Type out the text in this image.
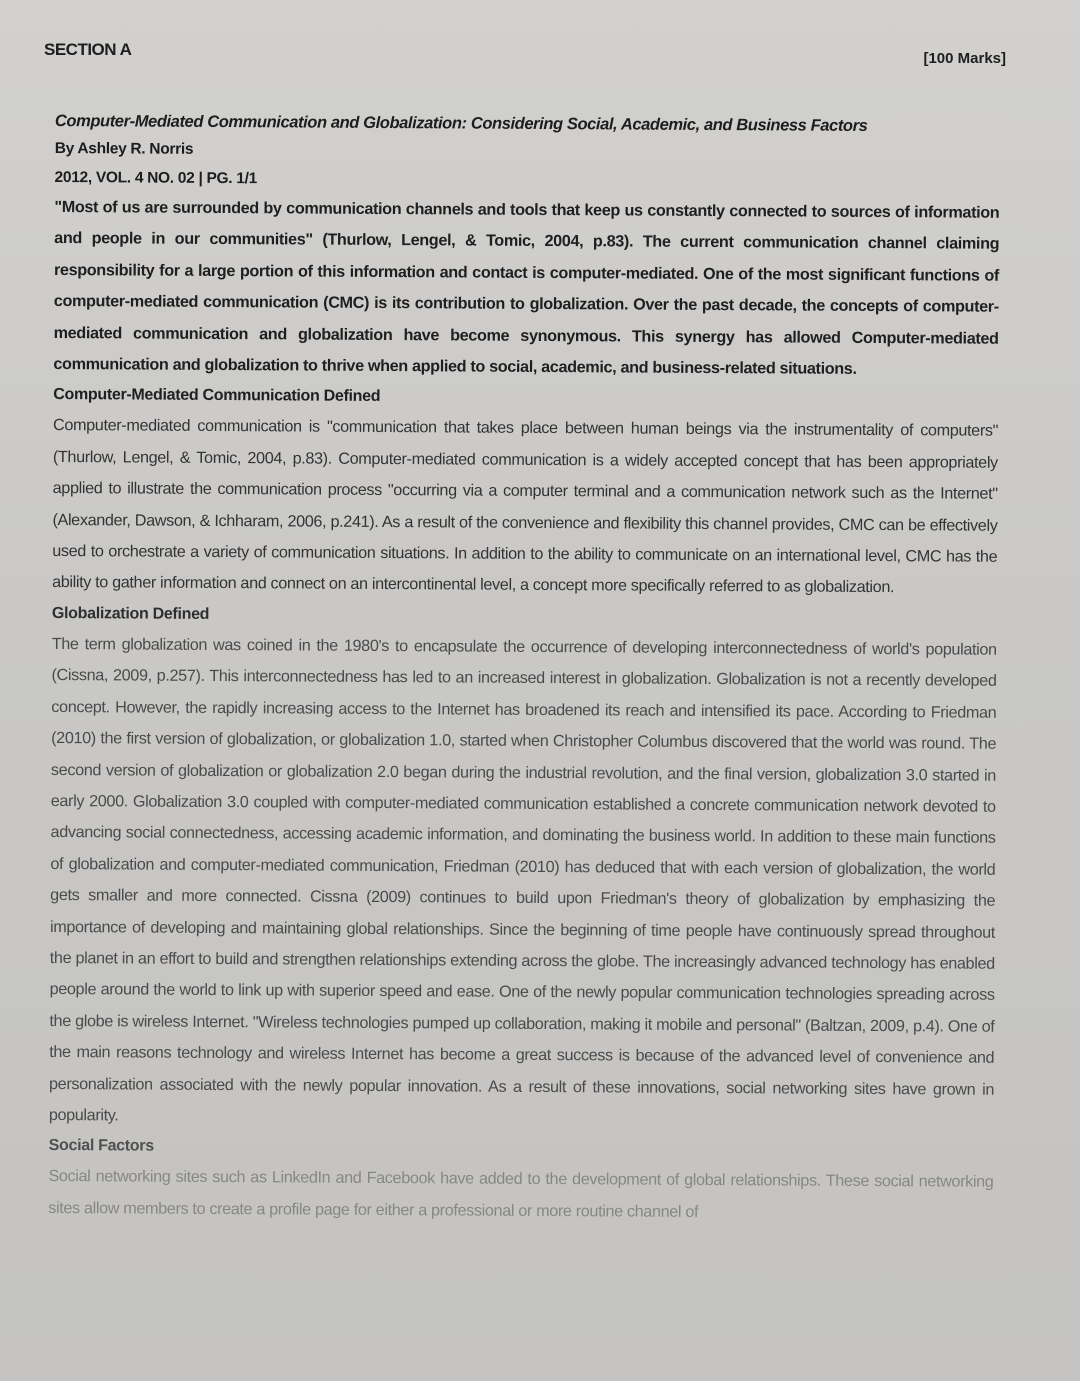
SECTION A	[100 Marks]
Computer-Mediated Communication and Globalization: Considering Social, Academic, and Business Factors
By Ashley R. Norris
2012, VOL. 4 NO. 02 | PG. 1/1

"Most of us are surrounded by communication channels and tools that keep us constantly connected to sources of information and people in our communities" (Thurlow, Lengel, & Tomic, 2004, p.83). The current communication channel claiming responsibility for a large portion of this information and contact is computer-mediated. One of the most significant functions of computer-mediated communication (CMC) is its contribution to globalization. Over the past decade, the concepts of computer-mediated communication and globalization have become synonymous. This synergy has allowed Computer-mediated communication and globalization to thrive when applied to social, academic, and business-related situations.

Computer-Mediated Communication Defined

Computer-mediated communication is "communication that takes place between human beings via the instrumentality of computers" (Thurlow, Lengel, & Tomic, 2004, p.83). Computer-mediated communication is a widely accepted concept that has been appropriately applied to illustrate the communication process "occurring via a computer terminal and a communication network such as the Internet" (Alexander, Dawson, & Ichharam, 2006, p.241). As a result of the convenience and flexibility this channel provides, CMC can be effectively used to orchestrate a variety of communication situations. In addition to the ability to communicate on an international level, CMC has the ability to gather information and connect on an intercontinental level, a concept more specifically referred to as globalization.

Globalization Defined

The term globalization was coined in the 1980's to encapsulate the occurrence of developing interconnectedness of world's population (Cissna, 2009, p.257). This interconnectedness has led to an increased interest in globalization. Globalization is not a recently developed concept. However, the rapidly increasing access to the Internet has broadened its reach and intensified its pace. According to Friedman (2010) the first version of globalization, or globalization 1.0, started when Christopher Columbus discovered that the world was round. The second version of globalization or globalization 2.0 began during the industrial revolution, and the final version, globalization 3.0 started in early 2000. Globalization 3.0 coupled with computer-mediated communication established a concrete communication network devoted to advancing social connectedness, accessing academic information, and dominating the business world. In addition to these main functions of globalization and computer-mediated communication, Friedman (2010) has deduced that with each version of globalization, the world gets smaller and more connected. Cissna (2009) continues to build upon Friedman's theory of globalization by emphasizing the importance of developing and maintaining global relationships. Since the beginning of time people have continuously spread throughout the planet in an effort to build and strengthen relationships extending across the globe. The increasingly advanced technology has enabled people around the world to link up with superior speed and ease. One of the newly popular communication technologies spreading across the globe is wireless Internet. "Wireless technologies pumped up collaboration, making it mobile and personal" (Baltzan, 2009, p.4). One of the main reasons technology and wireless Internet has become a great success is because of the advanced level of convenience and personalization associated with the newly popular innovation. As a result of these innovations, social networking sites have grown in popularity.

Social Factors

Social networking sites such as LinkedIn and Facebook have added to the development of global relationships. These social networking sites allow members to create a profile page for either a professional or more routine channel of
